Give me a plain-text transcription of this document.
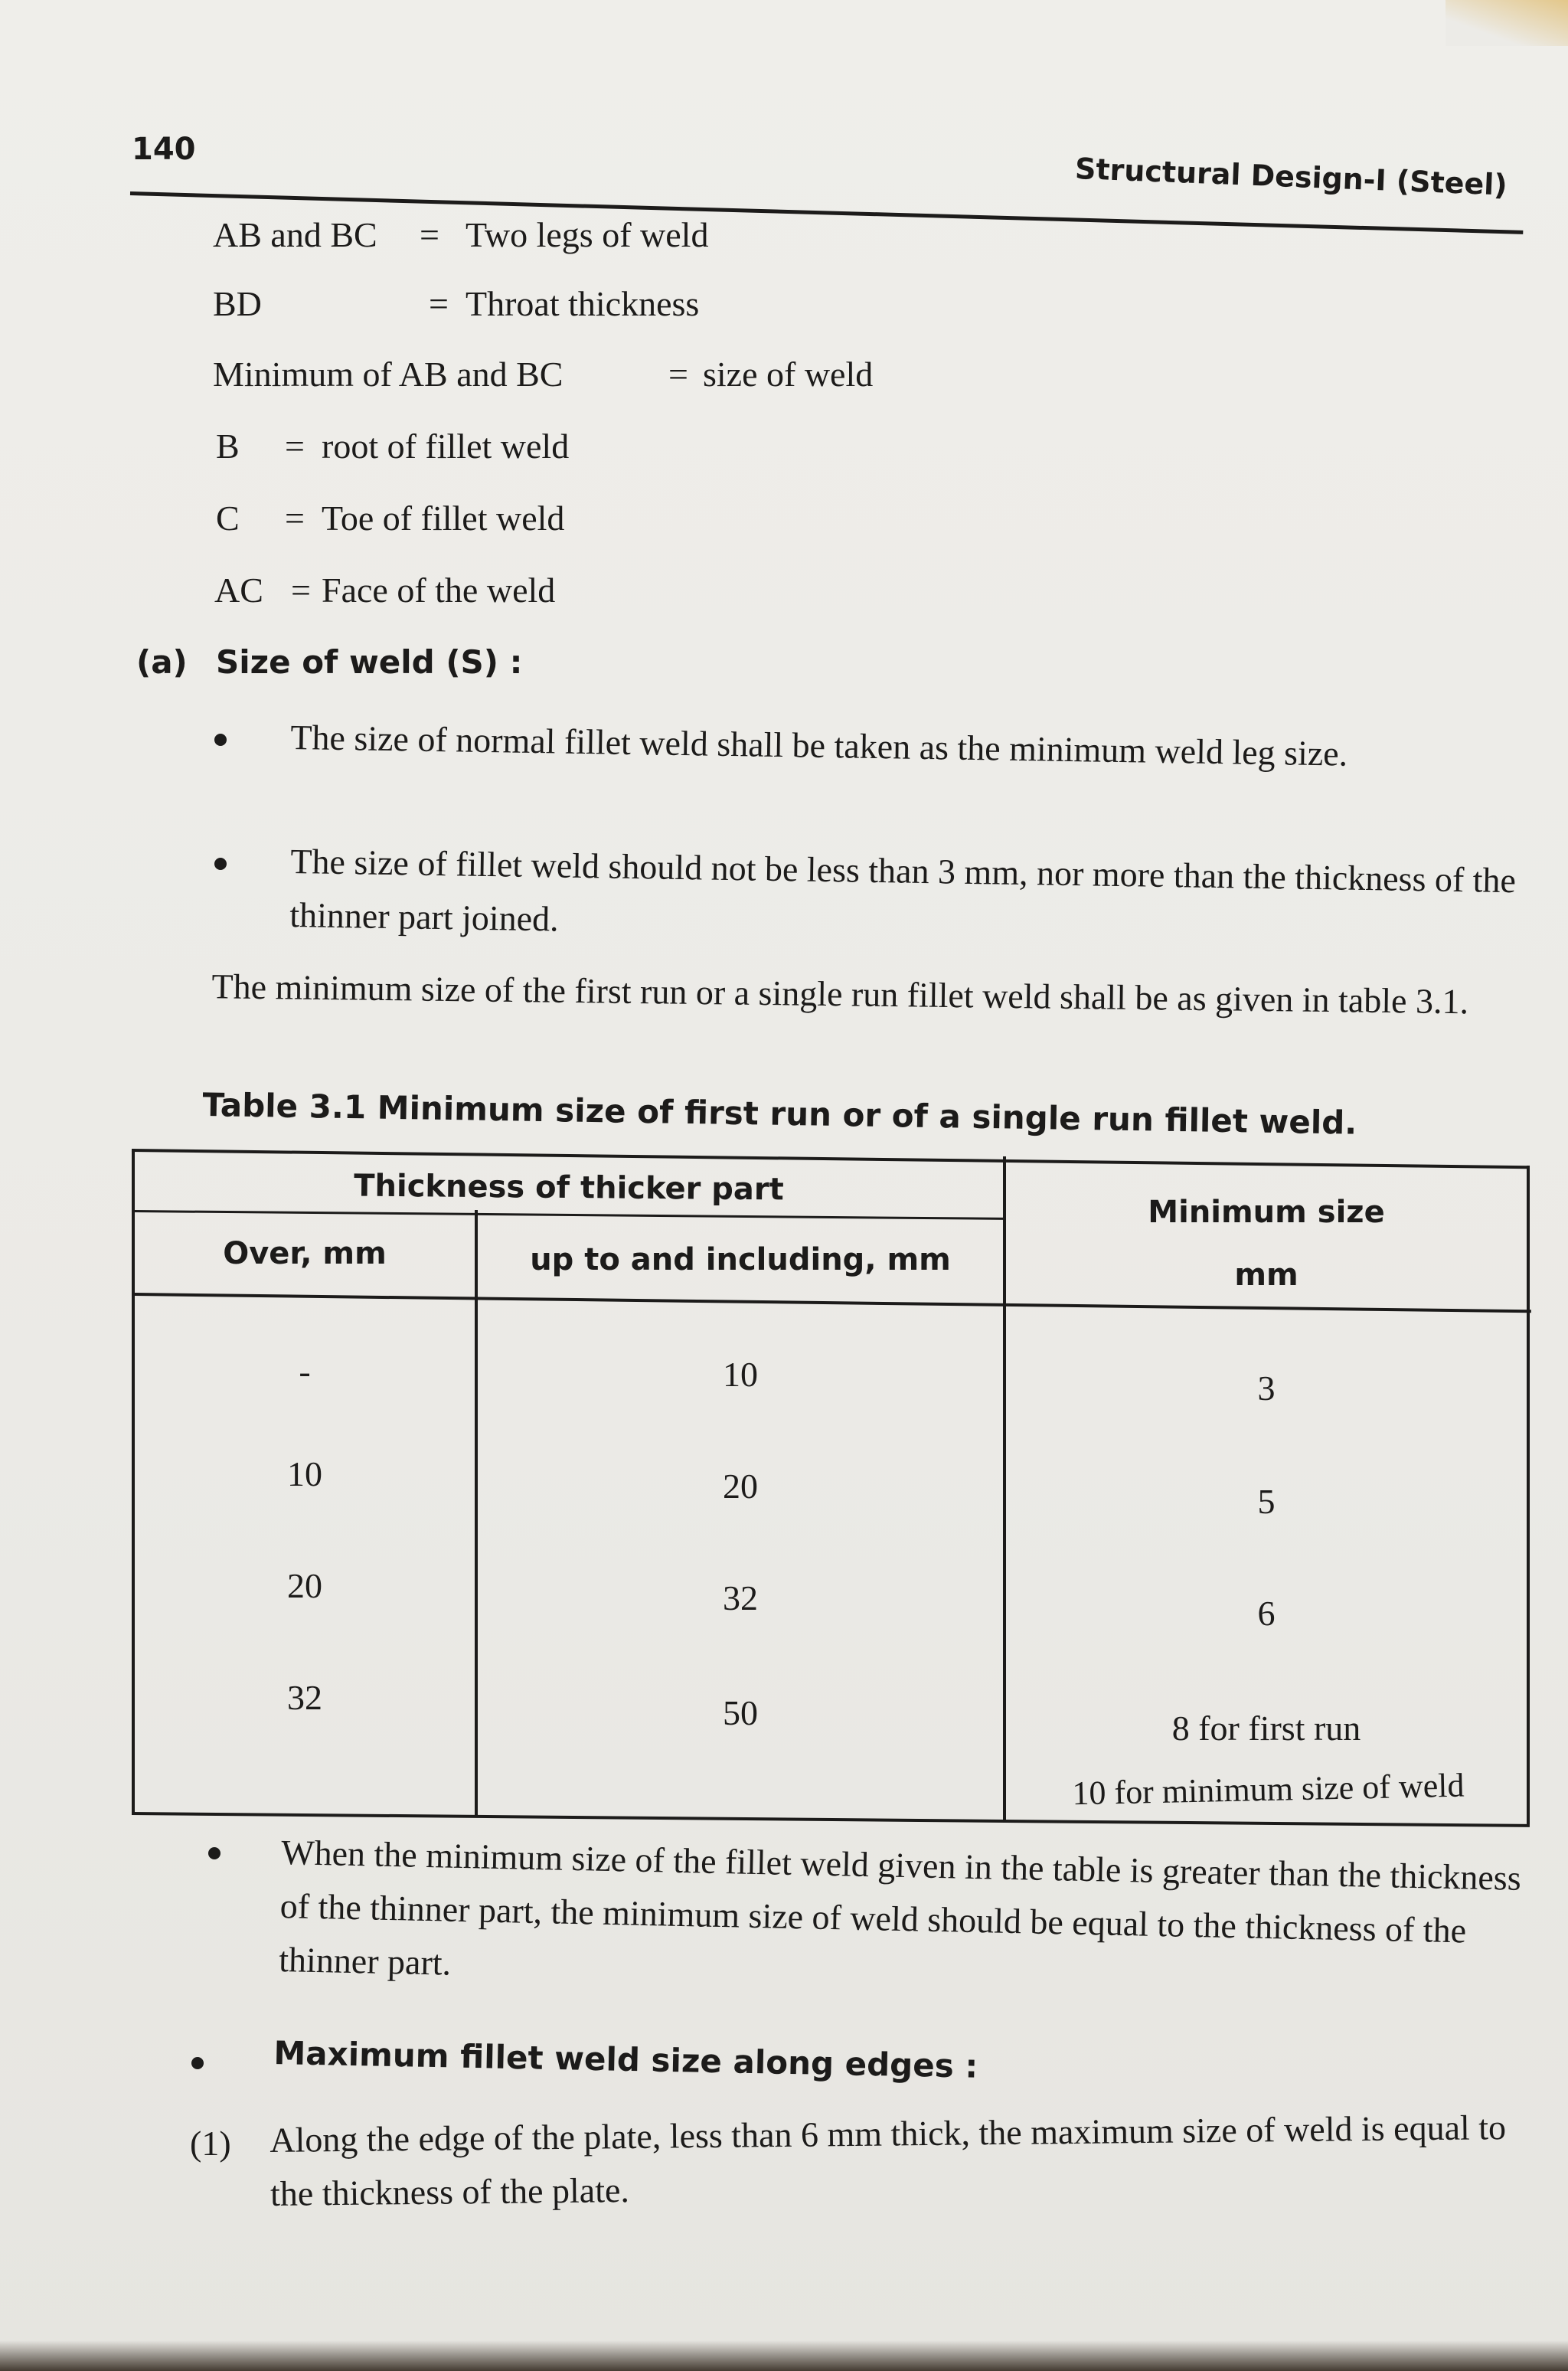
140
Structural Design-I (Steel)
AB and BC = Two legs of weld
BD	= Throat thickness
Minimum of AB and BC	= size of weld
B = root of fillet weld
C = Toe of fillet weld
AC = Face of the weld
(a) Size of weld (S) :
The size of normal fillet weld shall be taken as the minimum weld leg size.
The size of fillet weld should not be less than 3 mm, nor more than the thickness of the thinner part joined.
The minimum size of the first run or a single run fillet weld shall be as given in table 3.1.
Table 3.1 Minimum size of first run or of a single run fillet weld.
Thickness of thicker part
Over, mm	up to and including, mm
Minimum size
mm
-	10	3
10	20	5
20	32	6
32	50	8 for first run
10 for minimum size of weld
When the minimum size of the fillet weld given in the table is greater than the thickness of the thinner part, the minimum size of weld should be equal to the thickness of the thinner part.
Maximum fillet weld size along edges :
(1) Along the edge of the plate, less than 6 mm thick, the maximum size of weld is equal to the thickness of the plate.
